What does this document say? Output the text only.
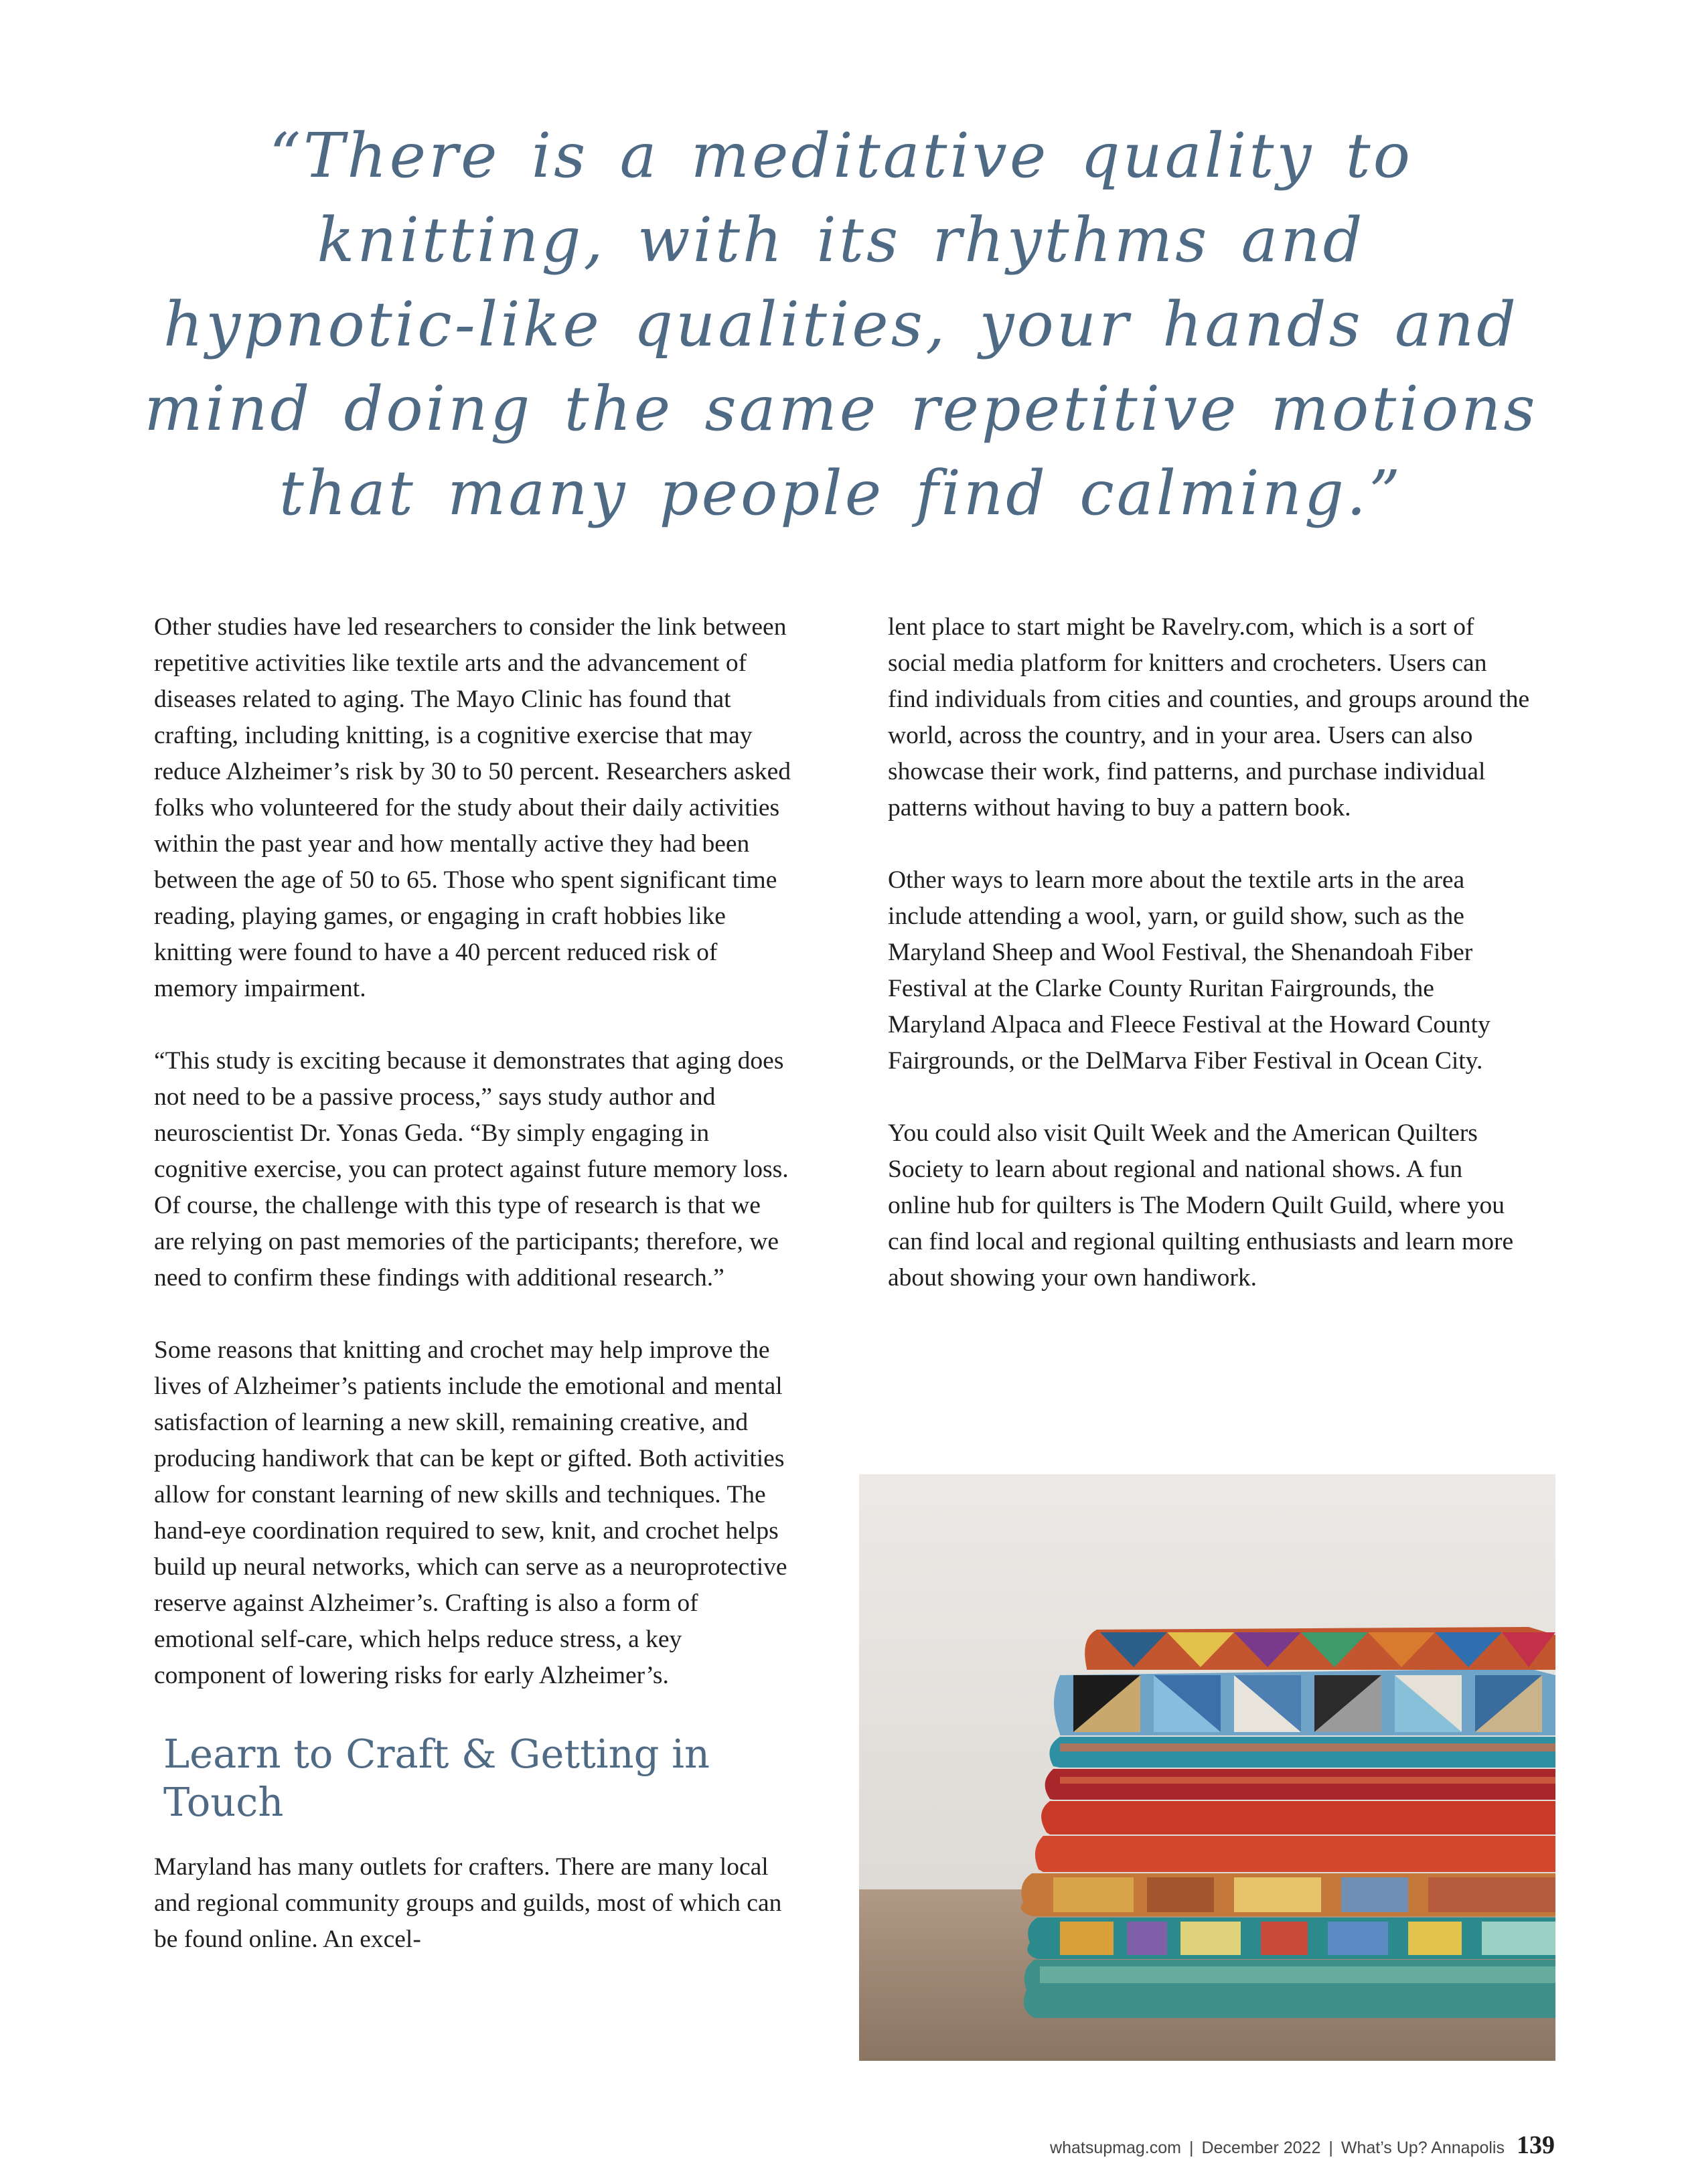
“There is a meditative quality to
knitting, with its rhythms and
hypnotic-like qualities, your hands and
mind doing the same repetitive motions
that many people find calming.”

Other studies have led researchers to consider the link between repetitive activities like textile arts and the advancement of diseases related to aging. The Mayo Clinic has found that crafting, including knitting, is a cognitive exercise that may reduce Alzheimer’s risk by 30 to 50 percent. Researchers asked folks who volunteered for the study about their daily activities within the past year and how mentally active they had been between the age of 50 to 65. Those who spent significant time reading, playing games, or engaging in craft hobbies like knitting were found to have a 40 percent reduced risk of memory impairment.

“This study is exciting because it demonstrates that aging does not need to be a passive process,” says study author and neuroscientist Dr. Yonas Geda. “By simply engaging in cognitive exercise, you can protect against future memory loss. Of course, the challenge with this type of research is that we are relying on past memories of the participants; therefore, we need to confirm these findings with additional research.”

Some reasons that knitting and crochet may help improve the lives of Alzheimer’s patients include the emotional and mental satisfaction of learning a new skill, remaining creative, and producing handiwork that can be kept or gifted. Both activities allow for constant learning of new skills and techniques. The hand-eye coordination required to sew, knit, and crochet helps build up neural networks, which can serve as a neuroprotective reserve against Alzheimer’s. Crafting is also a form of emotional self-care, which helps reduce stress, a key component of lowering risks for early Alzheimer’s.

Learn to Craft & Getting in Touch

Maryland has many outlets for crafters. There are many local and regional community groups and guilds, most of which can be found online. An excel-

lent place to start might be Ravelry.com, which is a sort of social media platform for knitters and crocheters. Users can find individuals from cities and counties, and groups around the world, across the country, and in your area. Users can also showcase their work, find patterns, and purchase individual patterns without having to buy a pattern book.

Other ways to learn more about the textile arts in the area include attending a wool, yarn, or guild show, such as the Maryland Sheep and Wool Festival, the Shenandoah Fiber Festival at the Clarke County Ruritan Fairgrounds, the Maryland Alpaca and Fleece Festival at the Howard County Fairgrounds, or the DelMarva Fiber Festival in Ocean City.

You could also visit Quilt Week and the American Quilters Society to learn about regional and national shows. A fun online hub for quilters is The Modern Quilt Guild, where you can find local and regional quilting enthusiasts and learn more about showing your own handiwork.

whatsupmag.com | December 2022 | What’s Up? Annapolis 139
